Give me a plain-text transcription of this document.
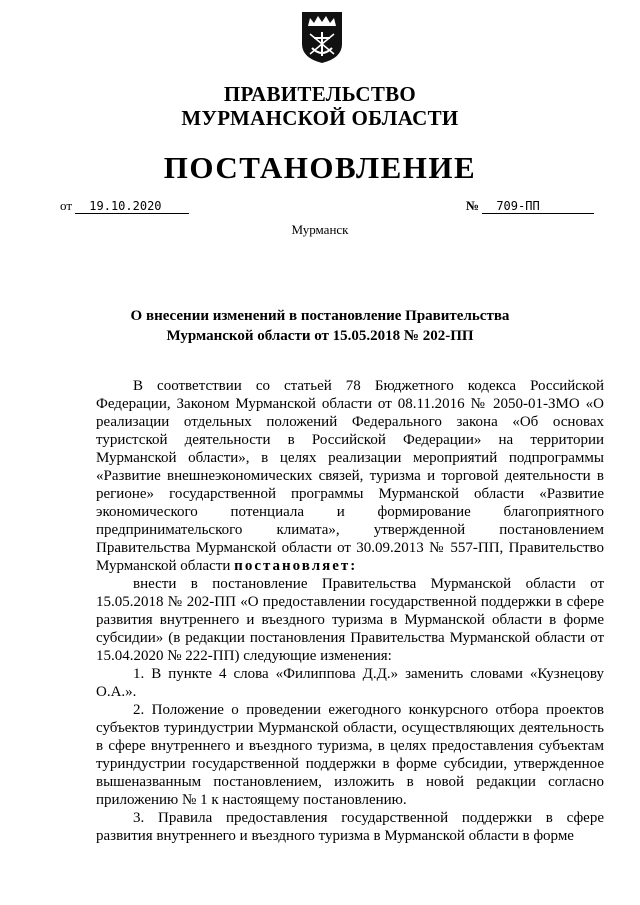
ПРАВИТЕЛЬСТВО
МУРМАНСКОЙ ОБЛАСТИ
ПОСТАНОВЛЕНИЕ
от 19.10.2020	№ 709-ПП
Мурманск
О внесении изменений в постановление Правительства
Мурманской области от 15.05.2018 № 202-ПП

В соответствии со статьей 78 Бюджетного кодекса Российской Федерации, Законом Мурманской области от 08.11.2016 № 2050-01-ЗМО «О реализации отдельных положений Федерального закона «Об основах туристской деятельности в Российской Федерации» на территории Мурманской области», в целях реализации мероприятий подпрограммы «Развитие внешнеэкономических связей, туризма и торговой деятельности в регионе» государственной программы Мурманской области «Развитие экономического потенциала и формирование благоприятного предпринимательского климата», утвержденной постановлением Правительства Мурманской области от 30.09.2013 № 557-ПП, Правительство Мурманской области постановляет:

внести в постановление Правительства Мурманской области от 15.05.2018 № 202-ПП «О предоставлении государственной поддержки в сфере развития внутреннего и въездного туризма в Мурманской области в форме субсидии» (в редакции постановления Правительства Мурманской области от 15.04.2020 № 222-ПП) следующие изменения:

1. В пункте 4 слова «Филиппова Д.Д.» заменить словами «Кузнецову О.А.».

2. Положение о проведении ежегодного конкурсного отбора проектов субъектов туриндустрии Мурманской области, осуществляющих деятельность в сфере внутреннего и въездного туризма, в целях предоставления субъектам туриндустрии государственной поддержки в форме субсидии, утвержденное вышеназванным постановлением, изложить в новой редакции согласно приложению № 1 к настоящему постановлению.

3. Правила предоставления государственной поддержки в сфере развития внутреннего и въездного туризма в Мурманской области в форме
